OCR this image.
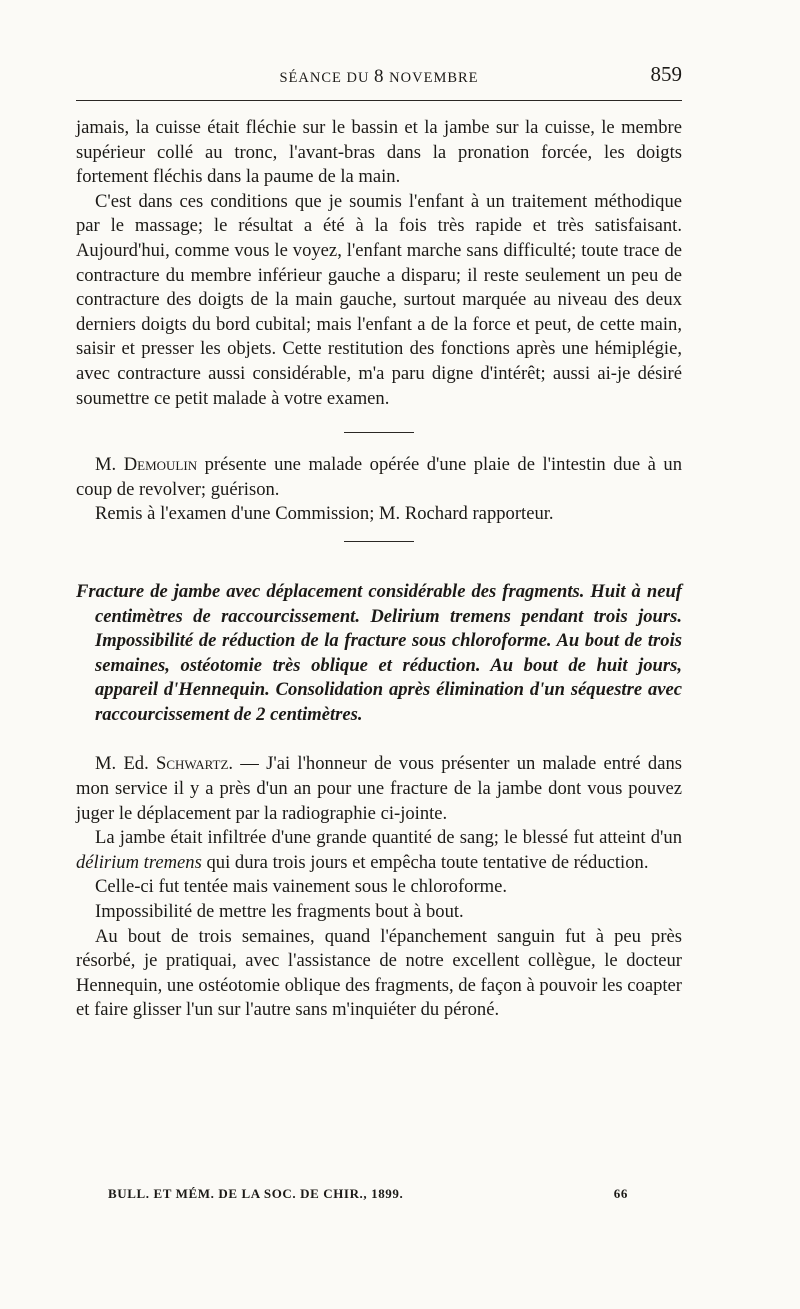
SÉANCE DU 8 NOVEMBRE	859

jamais, la cuisse était fléchie sur le bassin et la jambe sur la cuisse, le membre supérieur collé au tronc, l'avant-bras dans la pronation forcée, les doigts fortement fléchis dans la paume de la main.

C'est dans ces conditions que je soumis l'enfant à un traitement méthodique par le massage; le résultat a été à la fois très rapide et très satisfaisant. Aujourd'hui, comme vous le voyez, l'enfant marche sans difficulté; toute trace de contracture du membre inférieur gauche a disparu; il reste seulement un peu de contracture des doigts de la main gauche, surtout marquée au niveau des deux derniers doigts du bord cubital; mais l'enfant a de la force et peut, de cette main, saisir et presser les objets. Cette restitution des fonctions après une hémiplégie, avec contracture aussi considérable, m'a paru digne d'intérêt; aussi ai-je désiré soumettre ce petit malade à votre examen.

M. Demoulin présente une malade opérée d'une plaie de l'intestin due à un coup de revolver; guérison.

Remis à l'examen d'une Commission; M. Rochard rapporteur.

Fracture de jambe avec déplacement considérable des fragments. Huit à neuf centimètres de raccourcissement. Delirium tremens pendant trois jours. Impossibilité de réduction de la fracture sous chloroforme. Au bout de trois semaines, ostéotomie très oblique et réduction. Au bout de huit jours, appareil d'Hennequin. Consolidation après élimination d'un séquestre avec raccourcissement de 2 centimètres.

M. Ed. Schwartz. — J'ai l'honneur de vous présenter un malade entré dans mon service il y a près d'un an pour une fracture de la jambe dont vous pouvez juger le déplacement par la radiographie ci-jointe.

La jambe était infiltrée d'une grande quantité de sang; le blessé fut atteint d'un délirium tremens qui dura trois jours et empêcha toute tentative de réduction.

Celle-ci fut tentée mais vainement sous le chloroforme.

Impossibilité de mettre les fragments bout à bout.

Au bout de trois semaines, quand l'épanchement sanguin fut à peu près résorbé, je pratiquai, avec l'assistance de notre excellent collègue, le docteur Hennequin, une ostéotomie oblique des fragments, de façon à pouvoir les coapter et faire glisser l'un sur l'autre sans m'inquiéter du péroné.

BULL. ET MÉM. DE LA SOC. DE CHIR., 1899.	66
